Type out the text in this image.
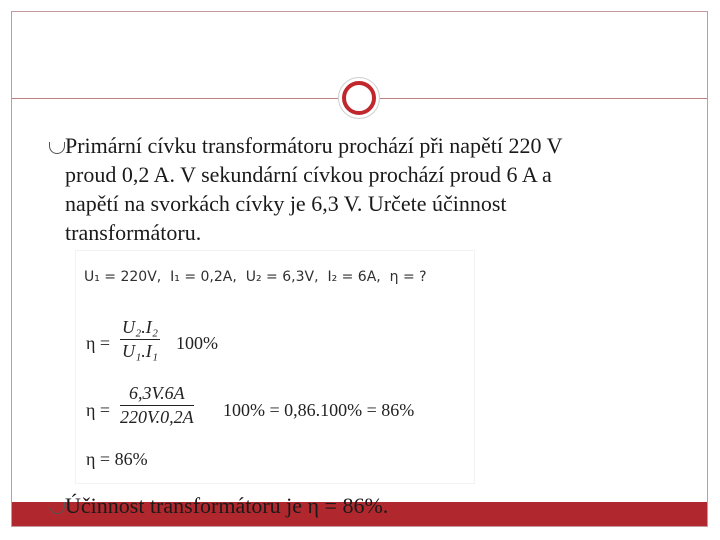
Primární cívku transformátoru prochází při napětí 220 V
proud 0,2 A. V sekundární cívkou prochází proud 6 A a
napětí na svorkách cívky je 6,3 V. Určete účinnost
transformátoru.
U₁ = 220V, I₁ = 0,2A, U₂ = 6,3V, I₂ = 6A, η = ?
$\eta = \frac{\text{U₂.I₂}}{\text{U₁.I₁}} 100\%$
$\eta = \frac{6,3V.6A}{220V.0,2A} 100\% = 0,86.100\% = 86\%$
η = 86%
Účinnost transformátoru je η = 86%.
